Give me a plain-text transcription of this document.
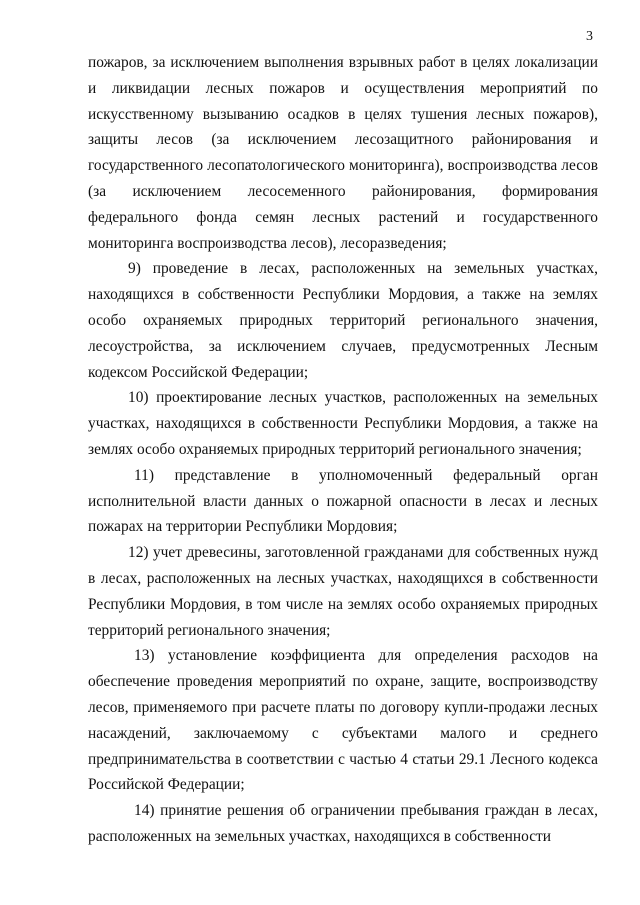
3

пожаров, за исключением выполнения взрывных работ в целях локализации и ликвидации лесных пожаров и осуществления мероприятий по искусственному вызыванию осадков в целях тушения лесных пожаров), защиты лесов (за исключением лесозащитного районирования и государственного лесопатологического мониторинга), воспроизводства лесов (за исключением лесосеменного районирования, формирования федерального фонда семян лесных растений и государственного мониторинга воспроизводства лесов), лесоразведения;

9) проведение в лесах, расположенных на земельных участках, находящихся в собственности Республики Мордовия, а также на землях особо охраняемых природных территорий регионального значения, лесоустройства, за исключением случаев, предусмотренных Лесным кодексом Российской Федерации;

10) проектирование лесных участков, расположенных на земельных участках, находящихся в собственности Республики Мордовия, а также на землях особо охраняемых природных территорий регионального значения;

11) представление в уполномоченный федеральный орган исполнительной власти данных о пожарной опасности в лесах и лесных пожарах на территории Республики Мордовия;

12) учет древесины, заготовленной гражданами для собственных нужд в лесах, расположенных на лесных участках, находящихся в собственности Республики Мордовия, в том числе на землях особо охраняемых природных территорий регионального значения;

13) установление коэффициента для определения расходов на обеспечение проведения мероприятий по охране, защите, воспроизводству лесов, применяемого при расчете платы по договору купли-продажи лесных насаждений, заключаемому с субъектами малого и среднего предпринимательства в соответствии с частью 4 статьи 29.1 Лесного кодекса Российской Федерации;

14) принятие решения об ограничении пребывания граждан в лесах, расположенных на земельных участках, находящихся в собственности
